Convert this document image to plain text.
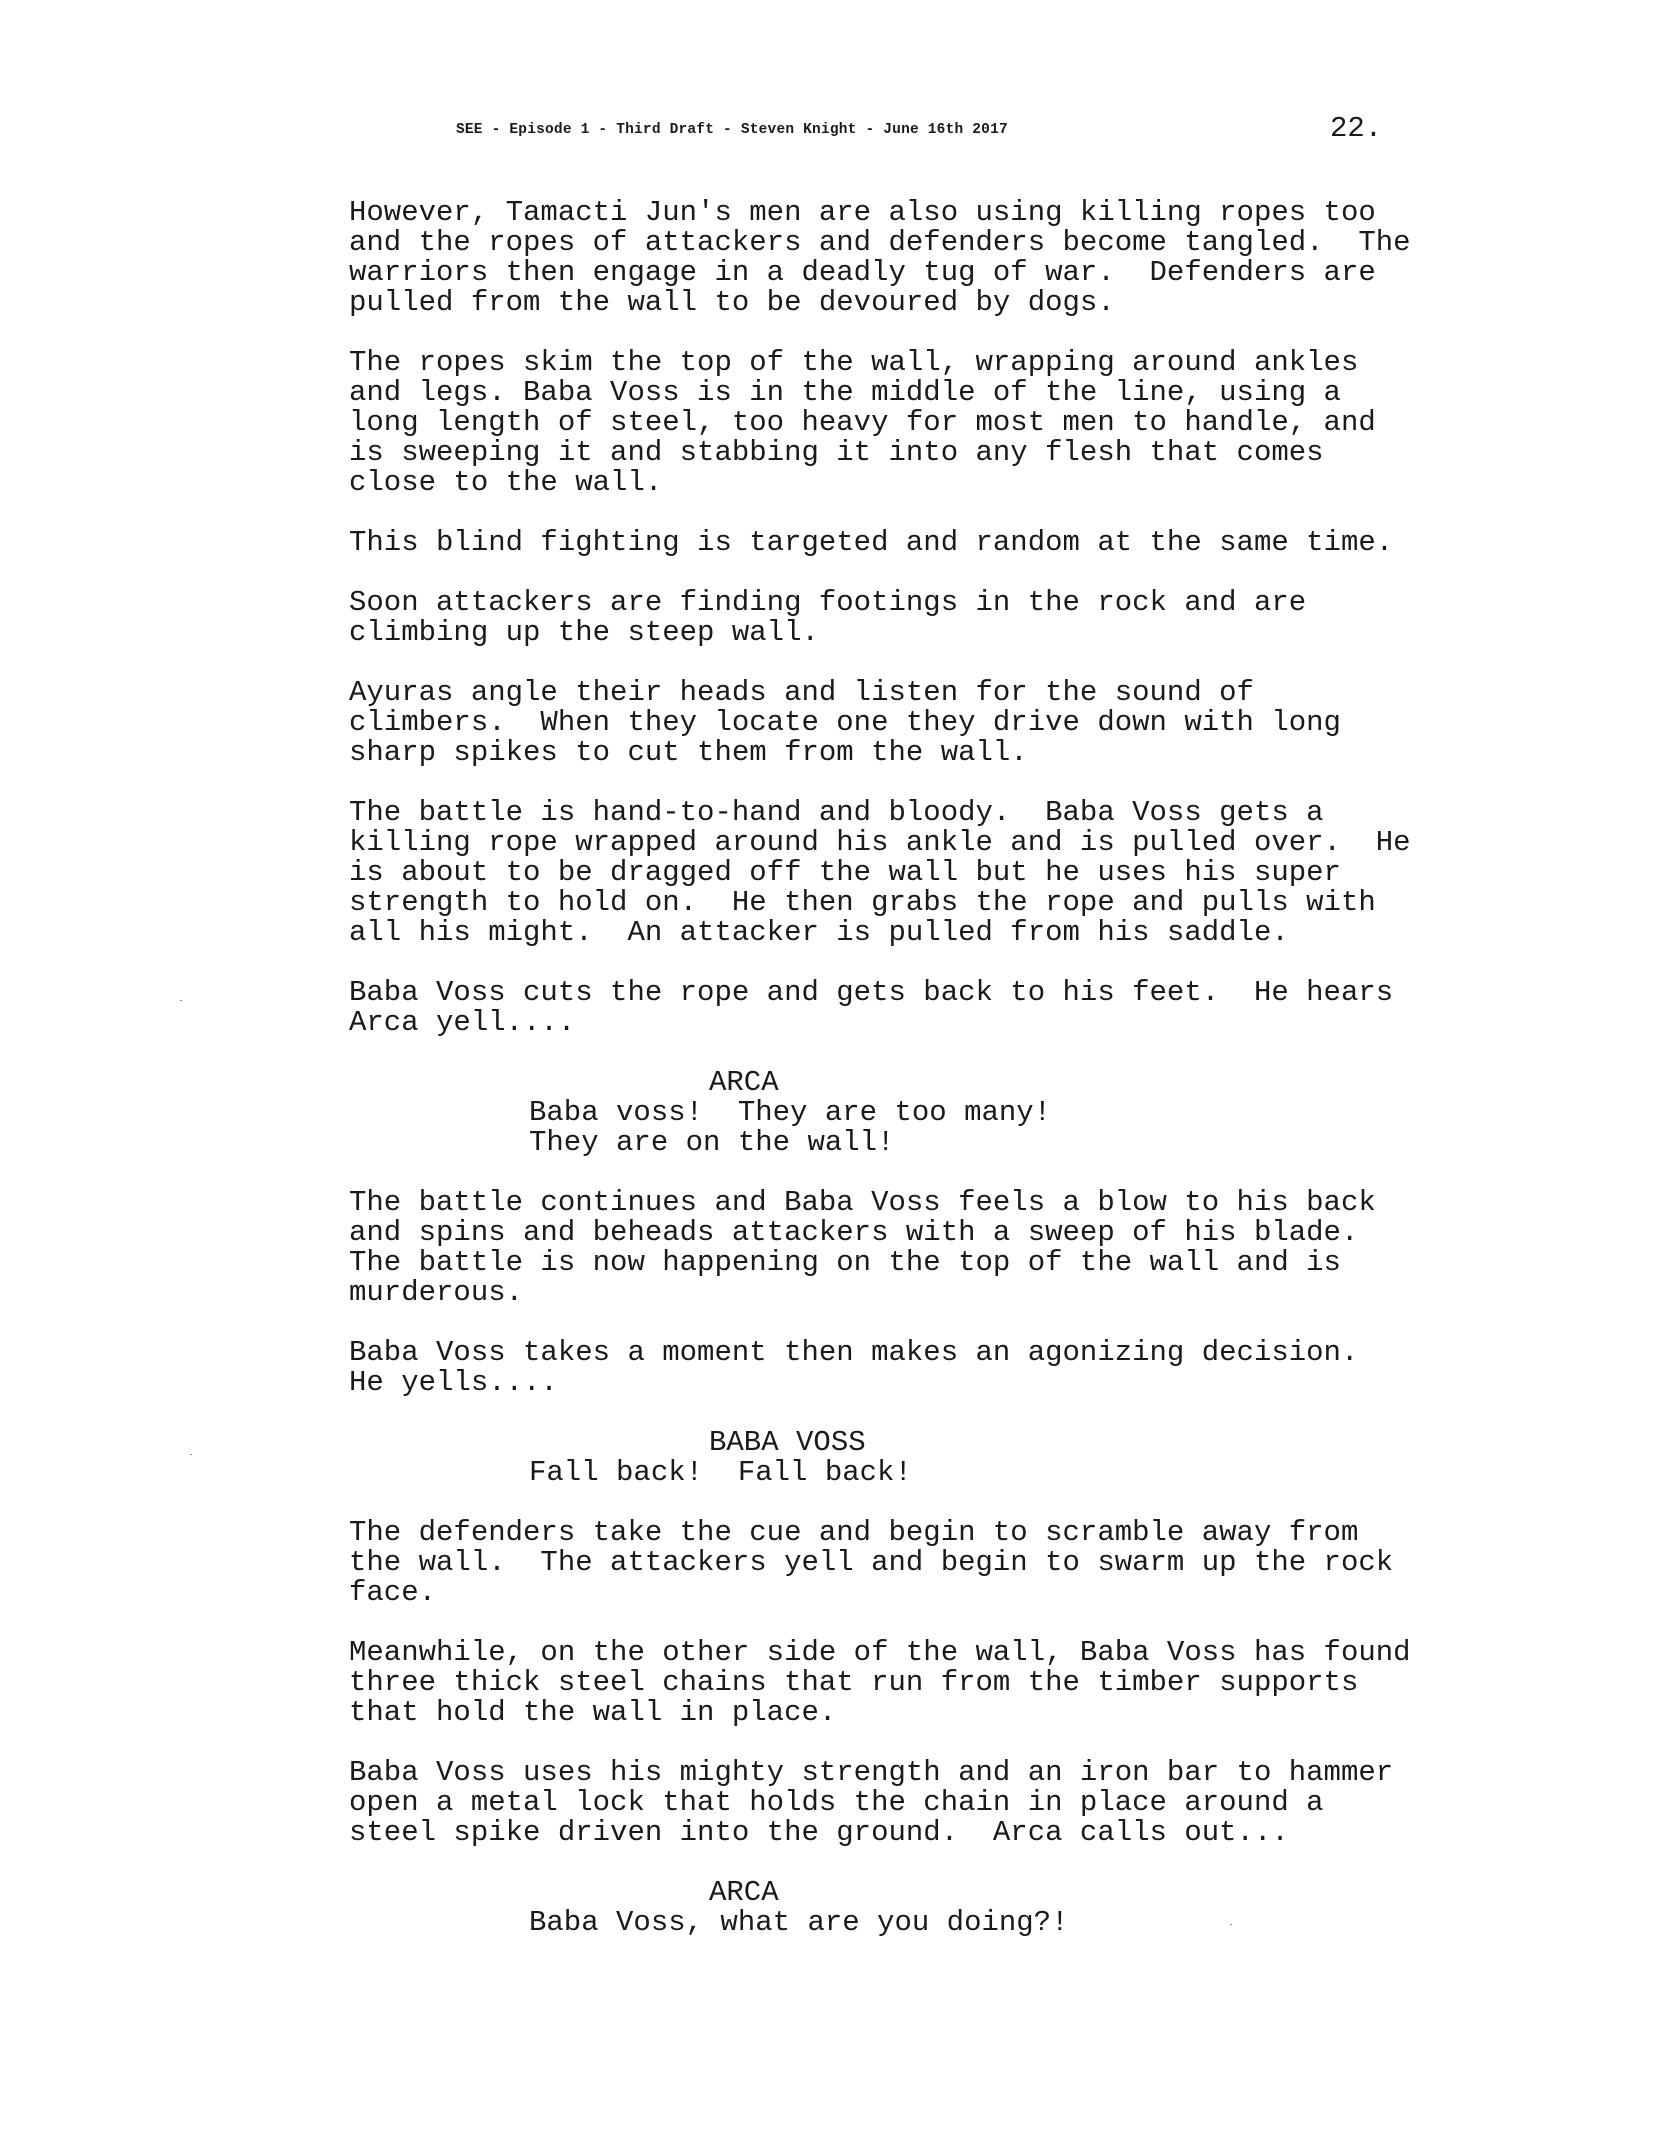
SEE - Episode 1 - Third Draft - Steven Knight - June 16th 2017	22.
However, Tamacti Jun's men are also using killing ropes too
and the ropes of attackers and defenders become tangled.  The
warriors then engage in a deadly tug of war.  Defenders are
pulled from the wall to be devoured by dogs.
The ropes skim the top of the wall, wrapping around ankles
and legs. Baba Voss is in the middle of the line, using a
long length of steel, too heavy for most men to handle, and
is sweeping it and stabbing it into any flesh that comes
close to the wall.
This blind fighting is targeted and random at the same time.
Soon attackers are finding footings in the rock and are
climbing up the steep wall.
Ayuras angle their heads and listen for the sound of
climbers.  When they locate one they drive down with long
sharp spikes to cut them from the wall.
The battle is hand-to-hand and bloody.  Baba Voss gets a
killing rope wrapped around his ankle and is pulled over.  He
is about to be dragged off the wall but he uses his super
strength to hold on.  He then grabs the rope and pulls with
all his might.  An attacker is pulled from his saddle.
Baba Voss cuts the rope and gets back to his feet.  He hears
Arca yell....
ARCA
Baba voss!  They are too many!
They are on the wall!
The battle continues and Baba Voss feels a blow to his back
and spins and beheads attackers with a sweep of his blade.
The battle is now happening on the top of the wall and is
murderous.
Baba Voss takes a moment then makes an agonizing decision.
He yells....
BABA VOSS
Fall back!  Fall back!
The defenders take the cue and begin to scramble away from
the wall.  The attackers yell and begin to swarm up the rock
face.
Meanwhile, on the other side of the wall, Baba Voss has found
three thick steel chains that run from the timber supports
that hold the wall in place.
Baba Voss uses his mighty strength and an iron bar to hammer
open a metal lock that holds the chain in place around a
steel spike driven into the ground.  Arca calls out...
ARCA
Baba Voss, what are you doing?!
